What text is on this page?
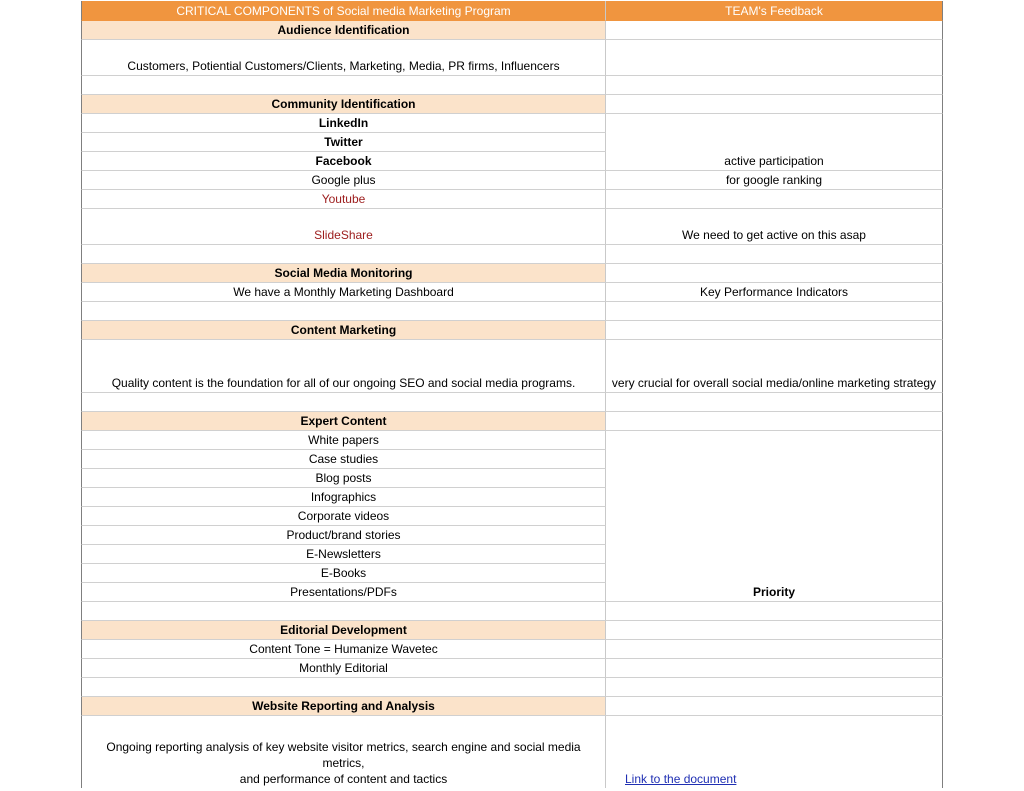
CRITICAL COMPONENTS of Social media Marketing Program	TEAM's Feedback
Audience Identification
Customers, Potiential Customers/Clients, Marketing, Media, PR firms, Influencers
Community Identification
LinkedIn
Twitter
Facebook	active participation
Google plus	for google ranking
Youtube
SlideShare	We need to get active on this asap
Social Media Monitoring
We have a Monthly Marketing Dashboard	Key Performance Indicators
Content Marketing
Quality content is the foundation for all of our ongoing SEO and social media programs.	very crucial for overall social media/online marketing strategy
Expert Content
White papers
Case studies
Blog posts
Infographics
Corporate videos
Product/brand stories
E-Newsletters
E-Books
Presentations/PDFs	Priority
Editorial Development
Content Tone = Humanize Wavetec
Monthly Editorial
Website Reporting and Analysis
Ongoing reporting analysis of key website visitor metrics, search engine and social media metrics,
and performance of content and tactics	Link to the document
